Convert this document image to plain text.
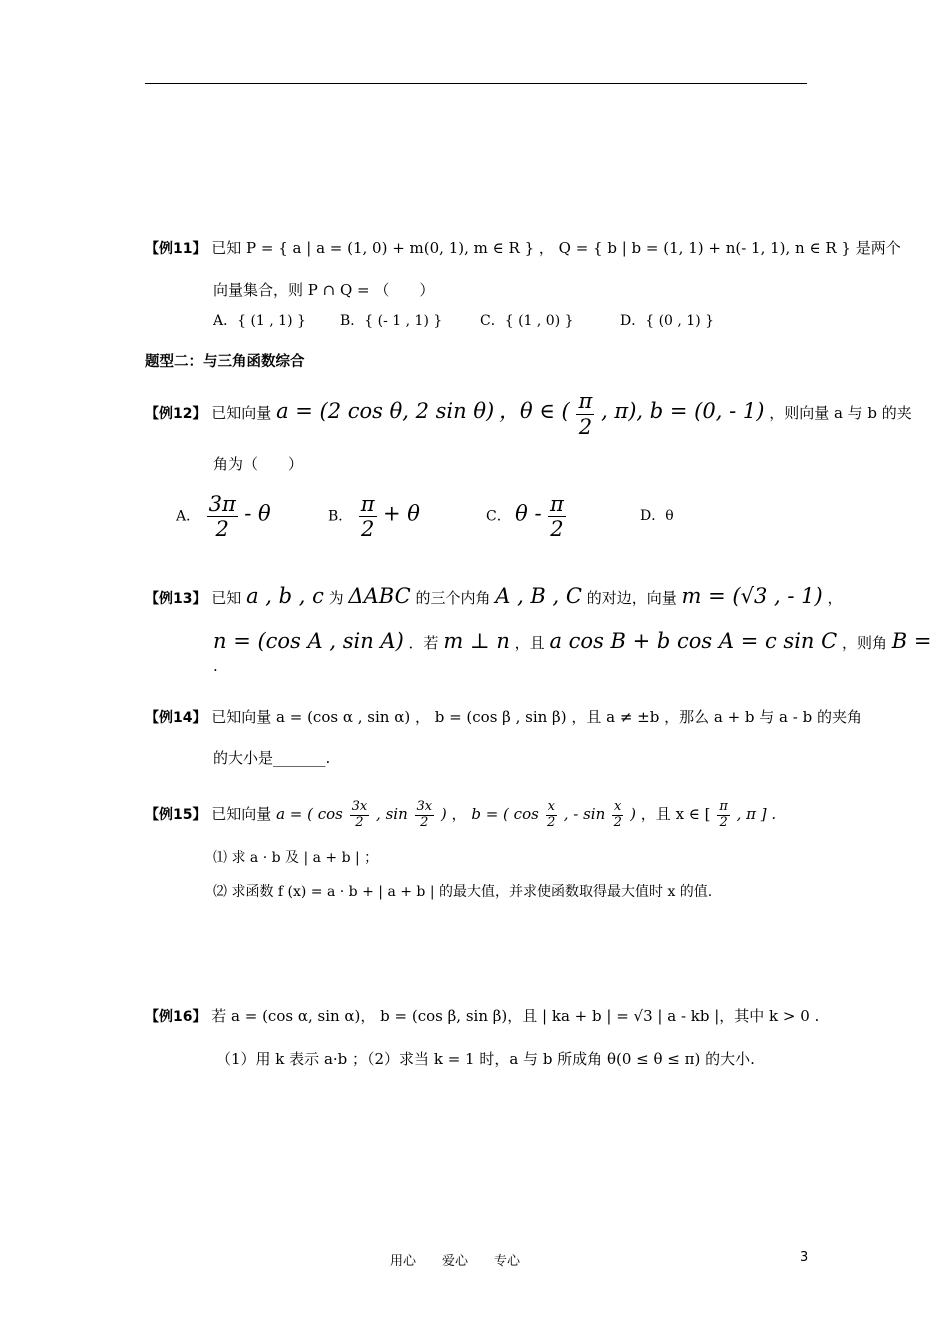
【例11】 已知 P = { a | a = (1, 0) + m(0, 1), m ∈ R } ， Q = { b | b = (1, 1) + n(- 1, 1), n ∈ R } 是两个
向量集合，则 P ∩ Q = （　　）
A．{ (1 , 1) } B．{ (- 1 , 1) }	C．{ (1 , 0) }	D．{ (0 , 1) }
题型二：与三角函数综合
【例12】 已知向量 a = (2 cos θ, 2 sin θ) ，θ ∈ ( $\frac{\pi}{2}$ , π), b = (0, - 1) ，则向量 a 与 b 的夹
角为（　　）
A． $\frac{3\pi}{2}$ - θ	B． $\frac{\pi}{2} + \theta$	C． θ - $\frac{\pi}{2}$	D．θ
【例13】 已知 a , b , c 为 ΔABC 的三个内角 A , B , C 的对边，向量 m = (√3 , - 1) ，
n = (cos A , sin A) ．若 m ⊥ n ，且 a cos B + b cos A = c sin C ，则角 B =
.
【例14】 已知向量 a = (cos α , sin α) ， b = (cos β , sin β) ，且 a ≠ ±b ，那么 a + b 与 a - b 的夹角
的大小是_______.
【例15】 已知向量 a = ( $\cos \frac{3x}{2}$ , $\sin \frac{3x}{2}$ ) ， b = ( $\cos \frac{x}{2}$ , - $\sin \frac{x}{2}$ ) ，且 x ∈ [ $\frac{\pi}{2}$ , π ] .
⑴ 求 a · b 及 | a + b | ；
⑵ 求函数 f (x) = a · b + | a + b | 的最大值，并求使函数取得最大值时 x 的值.
【例16】 若 a = (cos α, sin α)， b = (cos β, sin β)，且 | ka + b | = √3 | a - kb |，其中 k > 0 .
（1）用 k 表示 a·b ；（2）求当 k = 1 时，a 与 b 所成角 θ(0 ≤ θ ≤ π) 的大小.
用心　　爱心　　专心	3
